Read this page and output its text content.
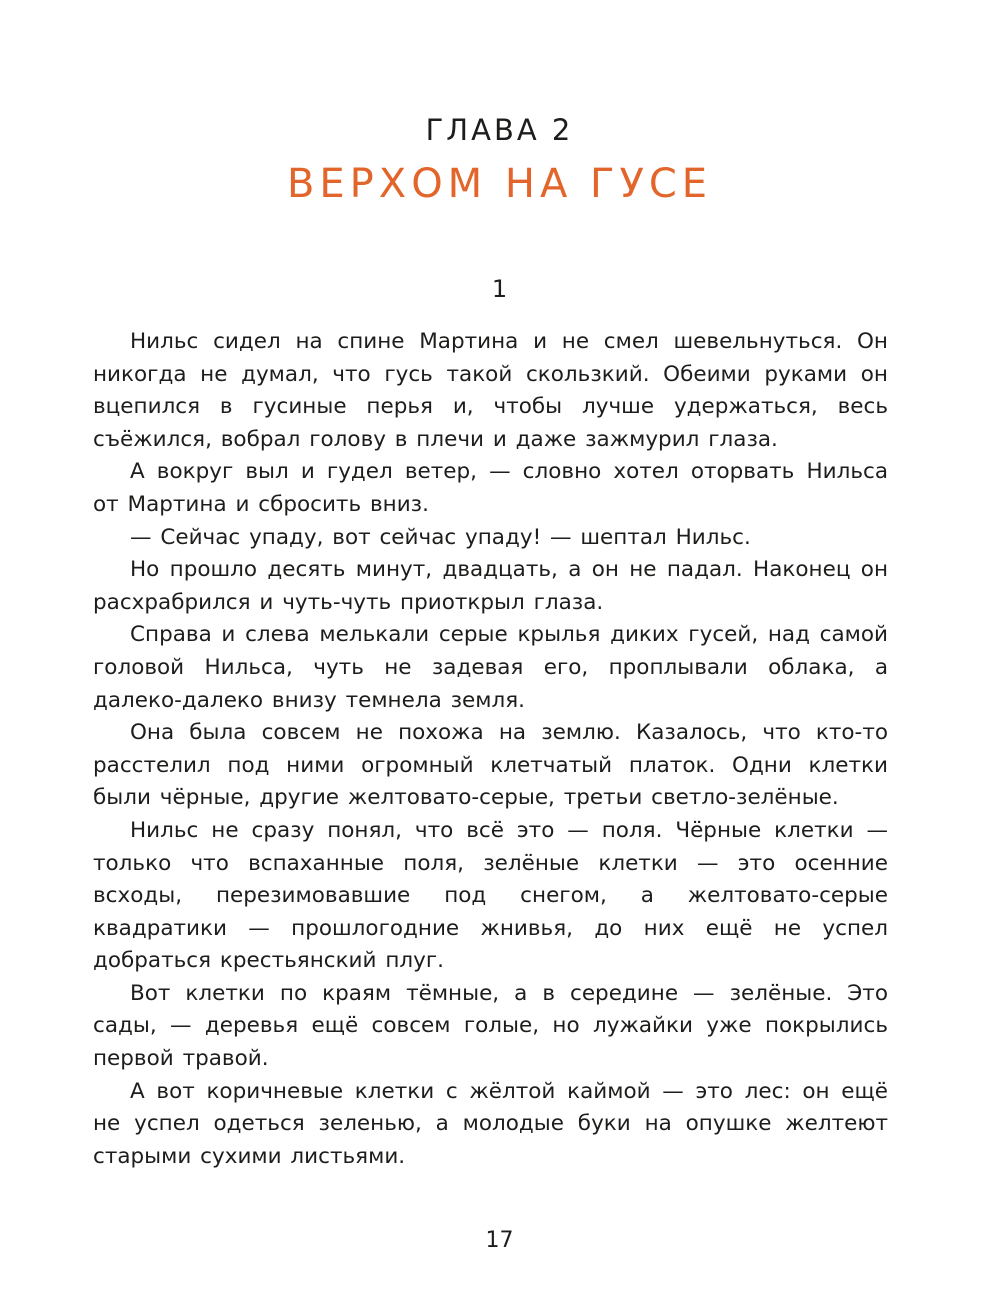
ГЛАВА 2
ВЕРХОМ НА ГУСЕ
1

Нильс сидел на спине Мартина и не смел шевельнуться. Он никогда не думал, что гусь такой скользкий. Обеими руками он вцепился в гусиные перья и, чтобы лучше удержаться, весь съёжился, вобрал голову в плечи и даже зажмурил глаза.

А вокруг выл и гудел ветер, — словно хотел оторвать Нильса от Мартина и сбросить вниз.

— Сейчас упаду, вот сейчас упаду! — шептал Нильс.

Но прошло десять минут, двадцать, а он не падал. Наконец он расхрабрился и чуть-чуть приоткрыл глаза.

Справа и слева мелькали серые крылья диких гусей, над самой головой Нильса, чуть не задевая его, проплывали облака, а далеко-далеко внизу темнела земля.

Она была совсем не похожа на землю. Казалось, что кто-то расстелил под ними огромный клетчатый платок. Одни клетки были чёрные, другие желтовато-серые, третьи светло-зелёные.

Нильс не сразу понял, что всё это — поля. Чёрные клетки — только что вспаханные поля, зелёные клетки — это осенние всходы, перезимовавшие под снегом, а желтовато-серые квадратики — прошлогодние жнивья, до них ещё не успел добраться крестьянский плуг.

Вот клетки по краям тёмные, а в середине — зелёные. Это сады, — деревья ещё совсем голые, но лужайки уже покрылись первой травой.

А вот коричневые клетки с жёлтой каймой — это лес: он ещё не успел одеться зеленью, а молодые буки на опушке желтеют старыми сухими листьями.

17
